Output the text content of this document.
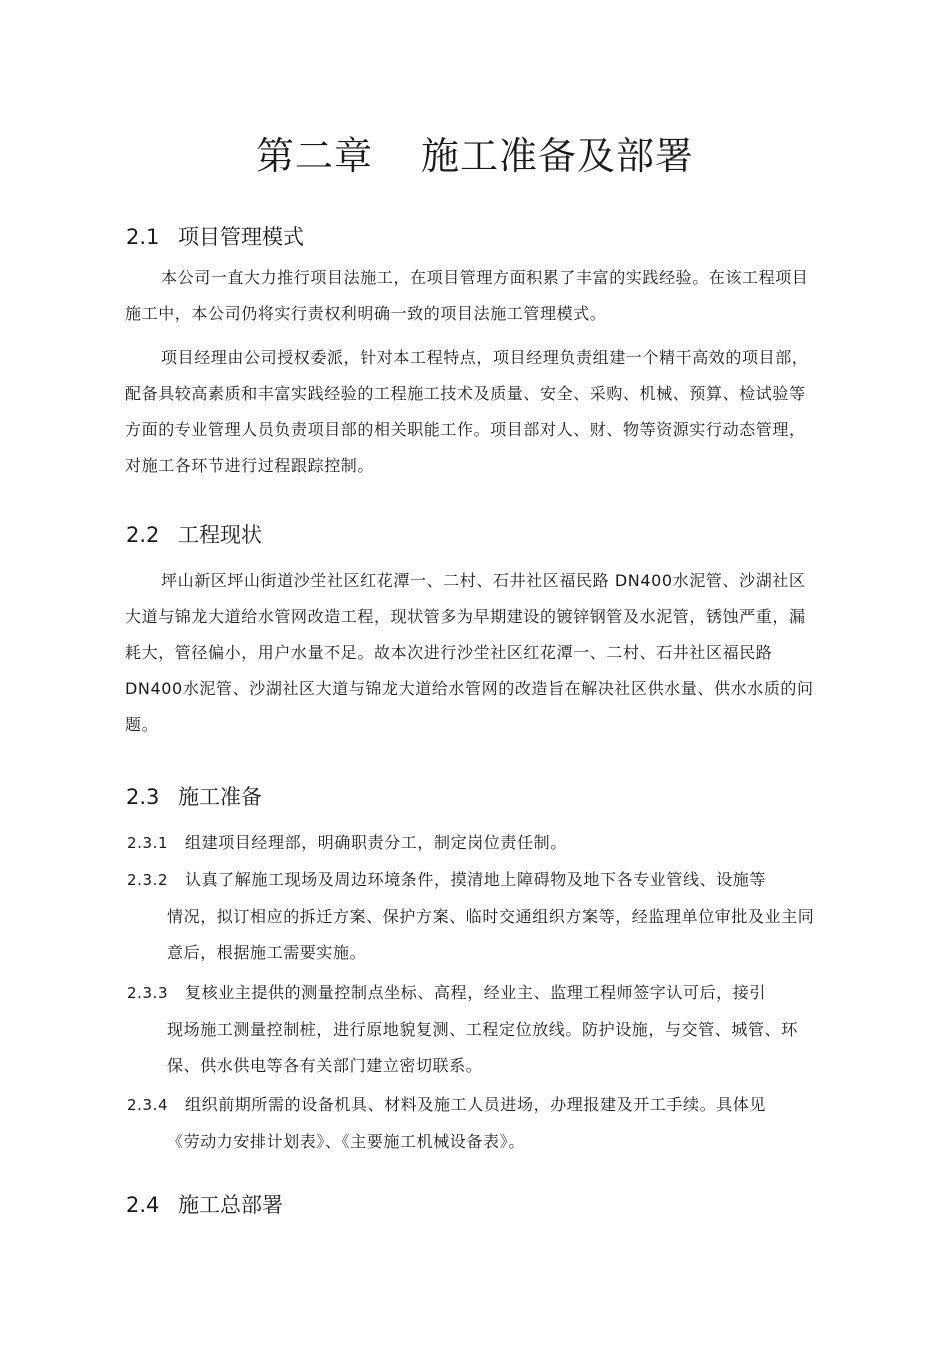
第二章 施工准备及部署
2.1 项目管理模式

本公司一直大力推行项目法施工，在项目管理方面积累了丰富的实践经验。在该工程项目施工中，本公司仍将实行责权利明确一致的项目法施工管理模式。

项目经理由公司授权委派，针对本工程特点，项目经理负责组建一个精干高效的项目部，配备具较高素质和丰富实践经验的工程施工技术及质量、安全、采购、机械、预算、检试验等方面的专业管理人员负责项目部的相关职能工作。项目部对人、财、物等资源实行动态管理，对施工各环节进行过程跟踪控制。

2.2 工程现状

坪山新区坪山街道沙坣社区红花潭一、二村、石井社区福民路 DN400水泥管、沙湖社区大道与锦龙大道给水管网改造工程，现状管多为早期建设的镀锌钢管及水泥管，锈蚀严重，漏耗大，管径偏小，用户水量不足。故本次进行沙坣社区红花潭一、二村、石井社区福民路 DN400水泥管、沙湖社区大道与锦龙大道给水管网的改造旨在解决社区供水量、供水水质的问题。

2.3 施工准备
2.3.1 组建项目经理部，明确职责分工，制定岗位责任制。
2.3.2 认真了解施工现场及周边环境条件，摸清地上障碍物及地下各专业管线、设施等
情况，拟订相应的拆迁方案、保护方案、临时交通组织方案等，经监理单位审批及业主同意后，根据施工需要实施。
2.3.3 复核业主提供的测量控制点坐标、高程，经业主、监理工程师签字认可后，接引
现场施工测量控制桩，进行原地貌复测、工程定位放线。防护设施，与交管、城管、环保、供水供电等各有关部门建立密切联系。
2.3.4 组织前期所需的设备机具、材料及施工人员进场，办理报建及开工手续。具体见
《劳动力安排计划表》、《主要施工机械设备表》。
2.4 施工总部署
